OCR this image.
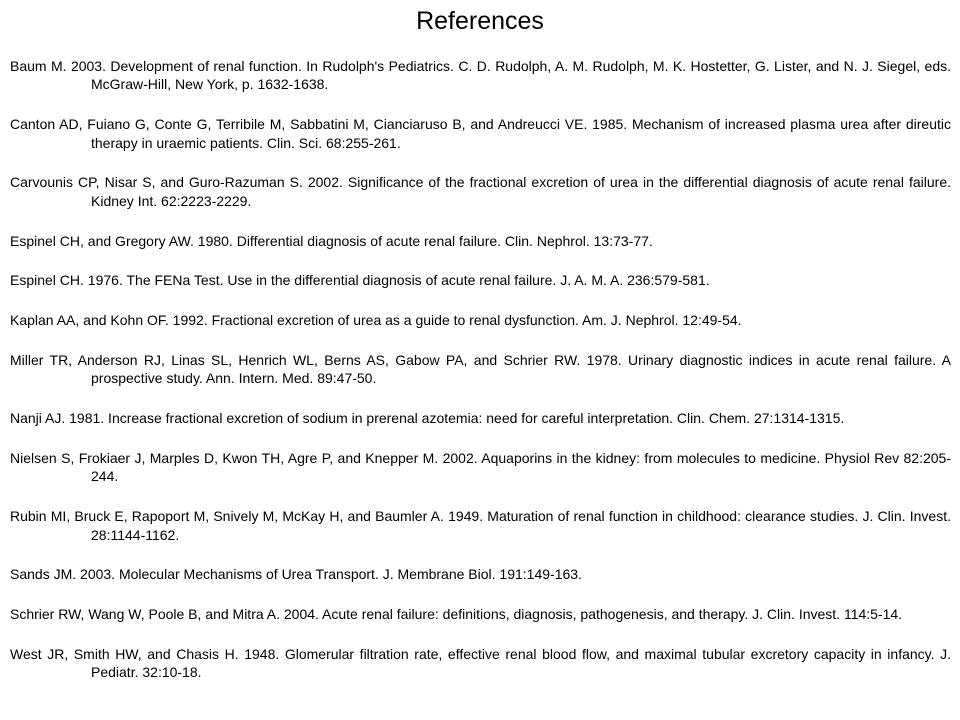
References
Baum M. 2003. Development of renal function. In Rudolph's Pediatrics. C. D. Rudolph, A. M. Rudolph, M. K. Hostetter, G. Lister, and N. J. Siegel, eds. McGraw-Hill, New York, p. 1632-1638.
Canton AD, Fuiano G, Conte G, Terribile M, Sabbatini M, Cianciaruso B, and Andreucci VE. 1985. Mechanism of increased plasma urea after direutic therapy in uraemic patients. Clin. Sci. 68:255-261.
Carvounis CP, Nisar S, and Guro-Razuman S. 2002. Significance of the fractional excretion of urea in the differential diagnosis of acute renal failure. Kidney Int. 62:2223-2229.
Espinel CH, and Gregory AW. 1980. Differential diagnosis of acute renal failure. Clin. Nephrol. 13:73-77.
Espinel CH. 1976. The FENa Test. Use in the differential diagnosis of acute renal failure. J. A. M. A. 236:579-581.
Kaplan AA, and Kohn OF. 1992. Fractional excretion of urea as a guide to renal dysfunction. Am. J. Nephrol. 12:49-54.
Miller TR, Anderson RJ, Linas SL, Henrich WL, Berns AS, Gabow PA, and Schrier RW. 1978. Urinary diagnostic indices in acute renal failure. A prospective study. Ann. Intern. Med. 89:47-50.
Nanji AJ. 1981. Increase fractional excretion of sodium in prerenal azotemia: need for careful interpretation. Clin. Chem. 27:1314-1315.
Nielsen S, Frokiaer J, Marples D, Kwon TH, Agre P, and Knepper M. 2002. Aquaporins in the kidney: from molecules to medicine. Physiol Rev 82:205-244.
Rubin MI, Bruck E, Rapoport M, Snively M, McKay H, and Baumler A. 1949. Maturation of renal function in childhood: clearance studies. J. Clin. Invest. 28:1144-1162.
Sands JM. 2003. Molecular Mechanisms of Urea Transport. J. Membrane Biol. 191:149-163.
Schrier RW, Wang W, Poole B, and Mitra A. 2004. Acute renal failure: definitions, diagnosis, pathogenesis, and therapy. J. Clin. Invest. 114:5-14.
West JR, Smith HW, and Chasis H. 1948. Glomerular filtration rate, effective renal blood flow, and maximal tubular excretory capacity in infancy. J. Pediatr. 32:10-18.
